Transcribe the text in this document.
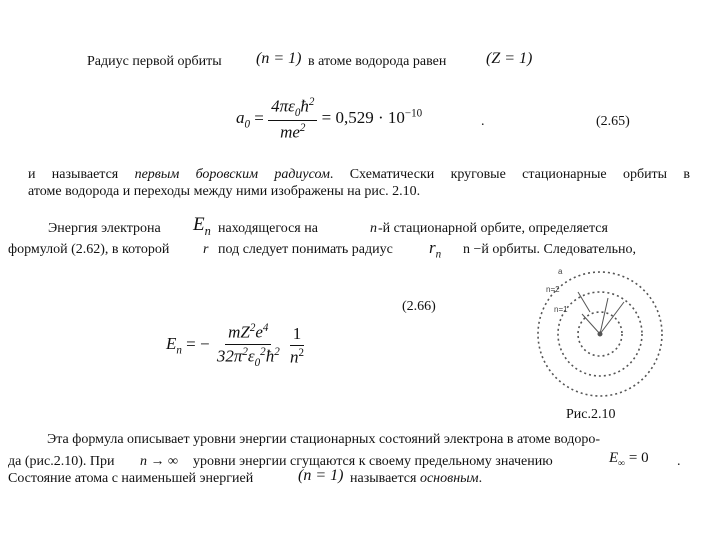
Радиус первой орбиты (n = 1) в атоме водорода равен (Z = 1)
$a_0 = \frac{4\pi\varepsilon_0ħ^2}{me^2} = 0,529 \cdot 10^{-10}$
.	(2.65)
и называется первым боровским радиусом. Схематически круговые стационарные орбиты в
атоме водорода и переходы между ними изображены на рис. 2.10.
Энергия электрона $E_n$ находящегося на	n -й стационарной орбите, определяется
формулой (2.62), в которой r под следует понимать радиус $r_n$ n −й орбиты. Следовательно,
(2.66)
$E_n$ = − $\frac{mZ^2e^4}{32\pi^2\varepsilon_0^2ħ^2}$
$\frac{1}{n^2}$
a
n=2
n=1
Рис.2.10
Эта формула описывает уровни энергии стационарных состояний электрона в атоме водоро-
да (рис.2.10). При n → ∞ уровни энергии сгущаются к своему предельному значению	$E_\infty = 0$ .
Состояние атома с наименьшей энергией	(n = 1) называется основным.
